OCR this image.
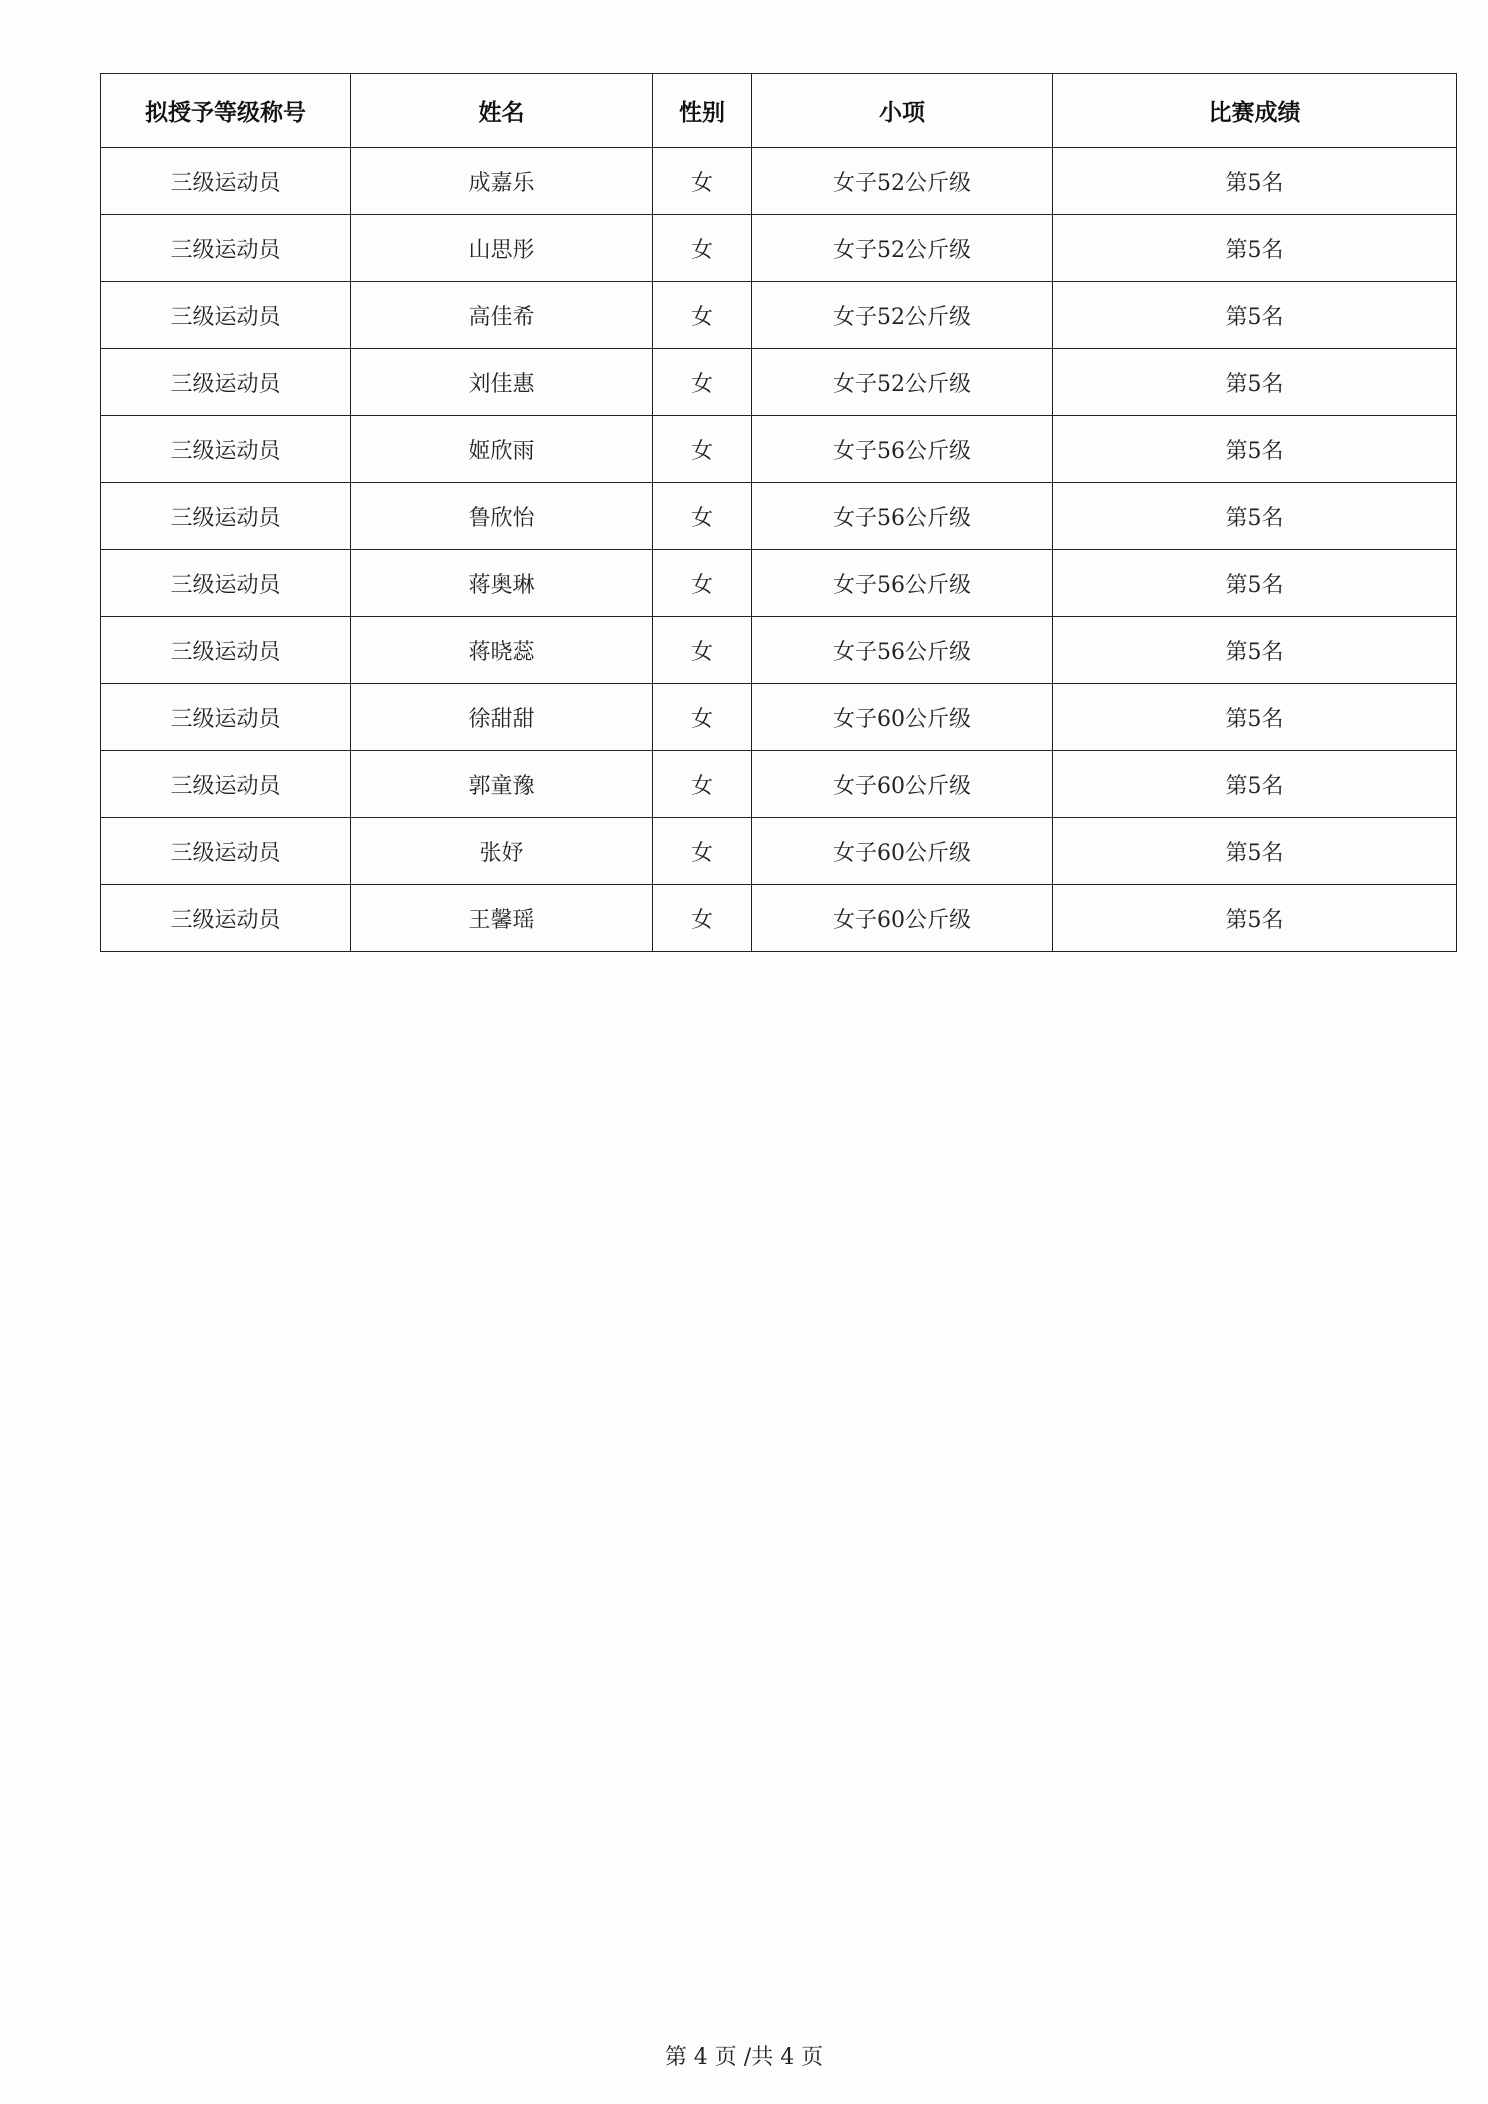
拟授予等级称号	姓名	性别	小项	比赛成绩
三级运动员	成嘉乐	女	女子52公斤级	第5名
三级运动员	山思彤	女	女子52公斤级	第5名
三级运动员	高佳希	女	女子52公斤级	第5名
三级运动员	刘佳惠	女	女子52公斤级	第5名
三级运动员	姬欣雨	女	女子56公斤级	第5名
三级运动员	鲁欣怡	女	女子56公斤级	第5名
三级运动员	蒋奥琳	女	女子56公斤级	第5名
三级运动员	蒋晓蕊	女	女子56公斤级	第5名
三级运动员	徐甜甜	女	女子60公斤级	第5名
三级运动员	郭童豫	女	女子60公斤级	第5名
三级运动员	张妤	女	女子60公斤级	第5名
三级运动员	王馨瑶	女	女子60公斤级	第5名
第 4 页 /共 4 页
